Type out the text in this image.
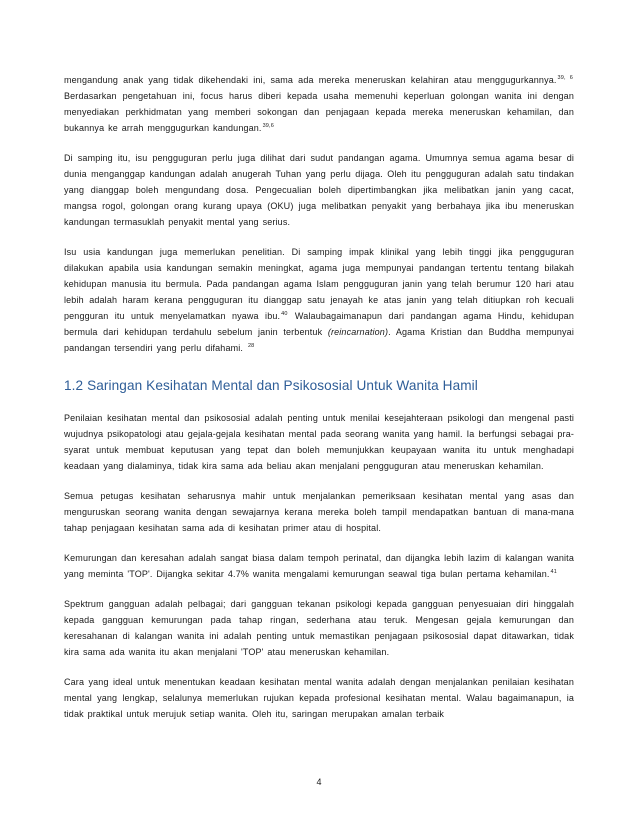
mengandung anak yang tidak dikehendaki ini, sama ada mereka meneruskan kelahiran atau menggugurkannya.$^{39, 6}$ Berdasarkan pengetahuan ini, focus harus diberi kepada usaha memenuhi keperluan golongan wanita ini dengan menyediakan perkhidmatan yang memberi sokongan dan penjagaan kepada mereka meneruskan kehamilan, dan bukannya ke arrah menggugurkan kandungan.$^{39,6}$

Di samping itu, isu pengguguran perlu juga dilihat dari sudut pandangan agama. Umumnya semua agama besar di dunia menganggap kandungan adalah anugerah Tuhan yang perlu dijaga. Oleh itu pengguguran adalah satu tindakan yang dianggap boleh mengundang dosa. Pengecualian boleh dipertimbangkan jika melibatkan janin yang cacat, mangsa rogol, golongan orang kurang upaya (OKU) juga melibatkan penyakit yang berbahaya jika ibu meneruskan kandungan termasuklah penyakit mental yang serius.

Isu usia kandungan juga memerlukan penelitian. Di samping impak klinikal yang lebih tinggi jika pengguguran dilakukan apabila usia kandungan semakin meningkat, agama juga mempunyai pandangan tertentu tentang bilakah kehidupan manusia itu bermula. Pada pandangan agama Islam pengguguran janin yang telah berumur 120 hari atau lebih adalah haram kerana pengguguran itu dianggap satu jenayah ke atas janin yang telah ditiupkan roh kecuali pengguran itu untuk menyelamatkan nyawa ibu.$^{40}$ Walaubagaimanapun dari pandangan agama Hindu, kehidupan bermula dari kehidupan terdahulu sebelum janin terbentuk (reincarnation). Agama Kristian dan Buddha mempunyai pandangan tersendiri yang perlu difahami. $^{28}$

1.2 Saringan Kesihatan Mental dan Psikososial Untuk Wanita Hamil

Penilaian kesihatan mental dan psikososial adalah penting untuk menilai kesejahteraan psikologi dan mengenal pasti wujudnya psikopatologi atau gejala-gejala kesihatan mental pada seorang wanita yang hamil. Ia berfungsi sebagai pra-syarat untuk membuat keputusan yang tepat dan boleh memunjukkan keupayaan wanita itu untuk menghadapi keadaan yang dialaminya, tidak kira sama ada beliau akan menjalani pengguguran atau meneruskan kehamilan.

Semua petugas kesihatan seharusnya mahir untuk menjalankan pemeriksaan kesihatan mental yang asas dan menguruskan seorang wanita dengan sewajarnya kerana mereka boleh tampil mendapatkan bantuan di mana-mana tahap penjagaan kesihatan sama ada di kesihatan primer atau di hospital.

Kemurungan dan keresahan adalah sangat biasa dalam tempoh perinatal, dan dijangka lebih lazim di kalangan wanita yang meminta 'TOP'. Dijangka sekitar 4.7% wanita mengalami kemurungan seawal tiga bulan pertama kehamilan.$^{41}$

Spektrum gangguan adalah pelbagai; dari gangguan tekanan psikologi kepada gangguan penyesuaian diri hinggalah kepada gangguan kemurungan pada tahap ringan, sederhana atau teruk. Mengesan gejala kemurungan dan keresahanan di kalangan wanita ini adalah penting untuk memastikan penjagaan psikososial dapat ditawarkan, tidak kira sama ada wanita itu akan menjalani 'TOP' atau meneruskan kehamilan.

Cara yang ideal untuk menentukan keadaan kesihatan mental wanita adalah dengan menjalankan penilaian kesihatan mental yang lengkap, selalunya memerlukan rujukan kepada profesional kesihatan mental. Walau bagaimanapun, ia tidak praktikal untuk merujuk setiap wanita. Oleh itu, saringan merupakan amalan terbaik

4
